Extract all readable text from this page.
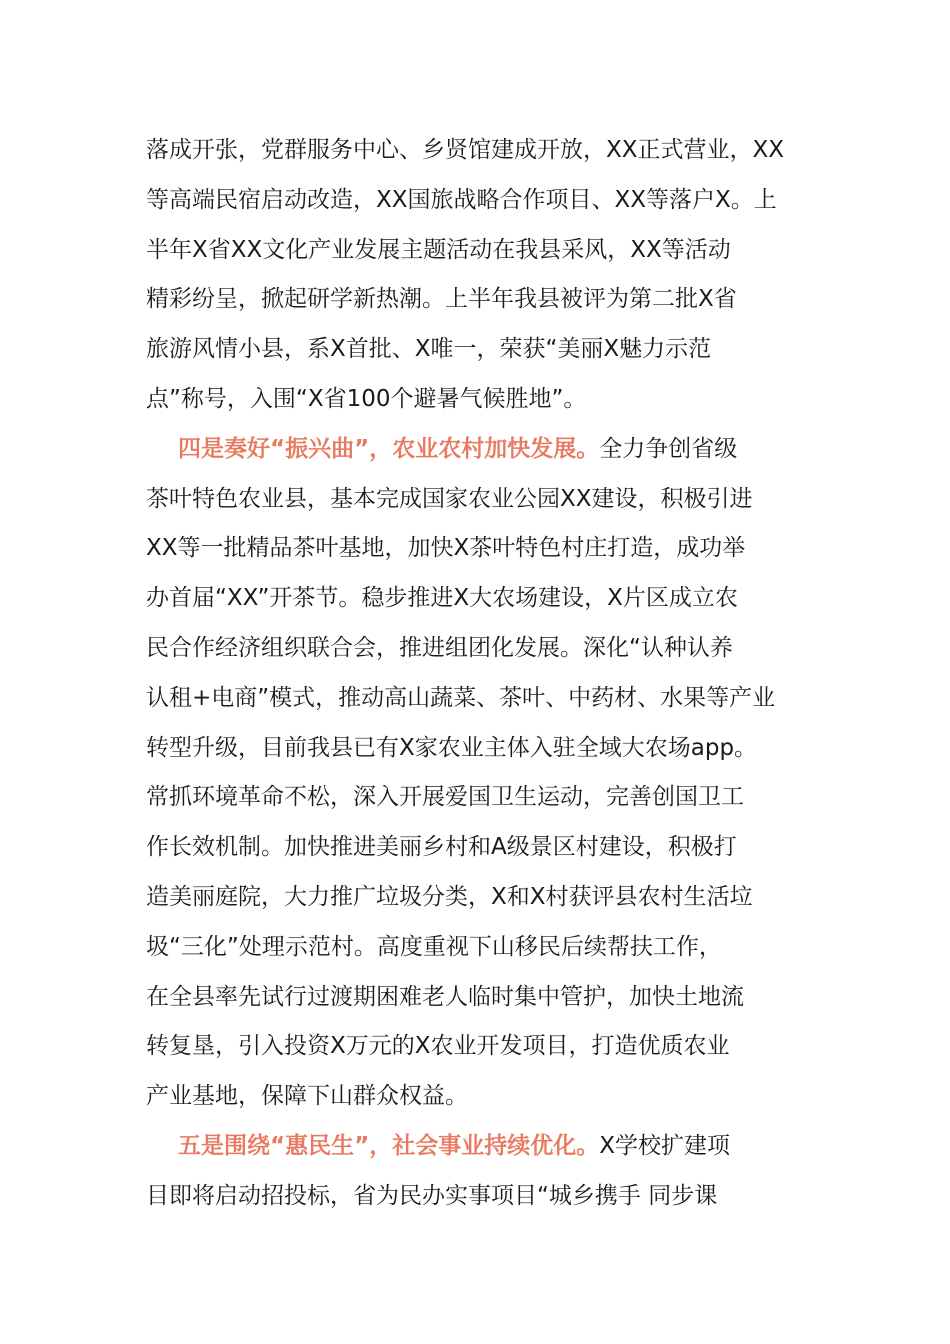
落成开张，党群服务中心、乡贤馆建成开放，XX正式营业，XX
等高端民宿启动改造，XX国旅战略合作项目、XX等落户X。上
半年X省XX文化产业发展主题活动在我县采风，XX等活动
精彩纷呈，掀起研学新热潮。上半年我县被评为第二批X省
旅游风情小县，系X首批、X唯一，荣获“美丽X魅力示范
点”称号，入围“X省100个避暑气候胜地”。
四是奏好“振兴曲”，农业农村加快发展。全力争创省级
茶叶特色农业县，基本完成国家农业公园XX建设，积极引进
XX等一批精品茶叶基地，加快X茶叶特色村庄打造，成功举
办首届“XX”开茶节。稳步推进X大农场建设，X片区成立农
民合作经济组织联合会，推进组团化发展。深化“认种认养
认租+电商”模式，推动高山蔬菜、茶叶、中药材、水果等产业
转型升级，目前我县已有X家农业主体入驻全域大农场app。
常抓环境革命不松，深入开展爱国卫生运动，完善创国卫工
作长效机制。加快推进美丽乡村和A级景区村建设，积极打
造美丽庭院，大力推广垃圾分类，X和X村获评县农村生活垃
圾“三化”处理示范村。高度重视下山移民后续帮扶工作，
在全县率先试行过渡期困难老人临时集中管护，加快土地流
转复垦，引入投资X万元的X农业开发项目，打造优质农业
产业基地，保障下山群众权益。
五是围绕“惠民生”，社会事业持续优化。X学校扩建项
目即将启动招投标，省为民办实事项目“城乡携手 同步课
